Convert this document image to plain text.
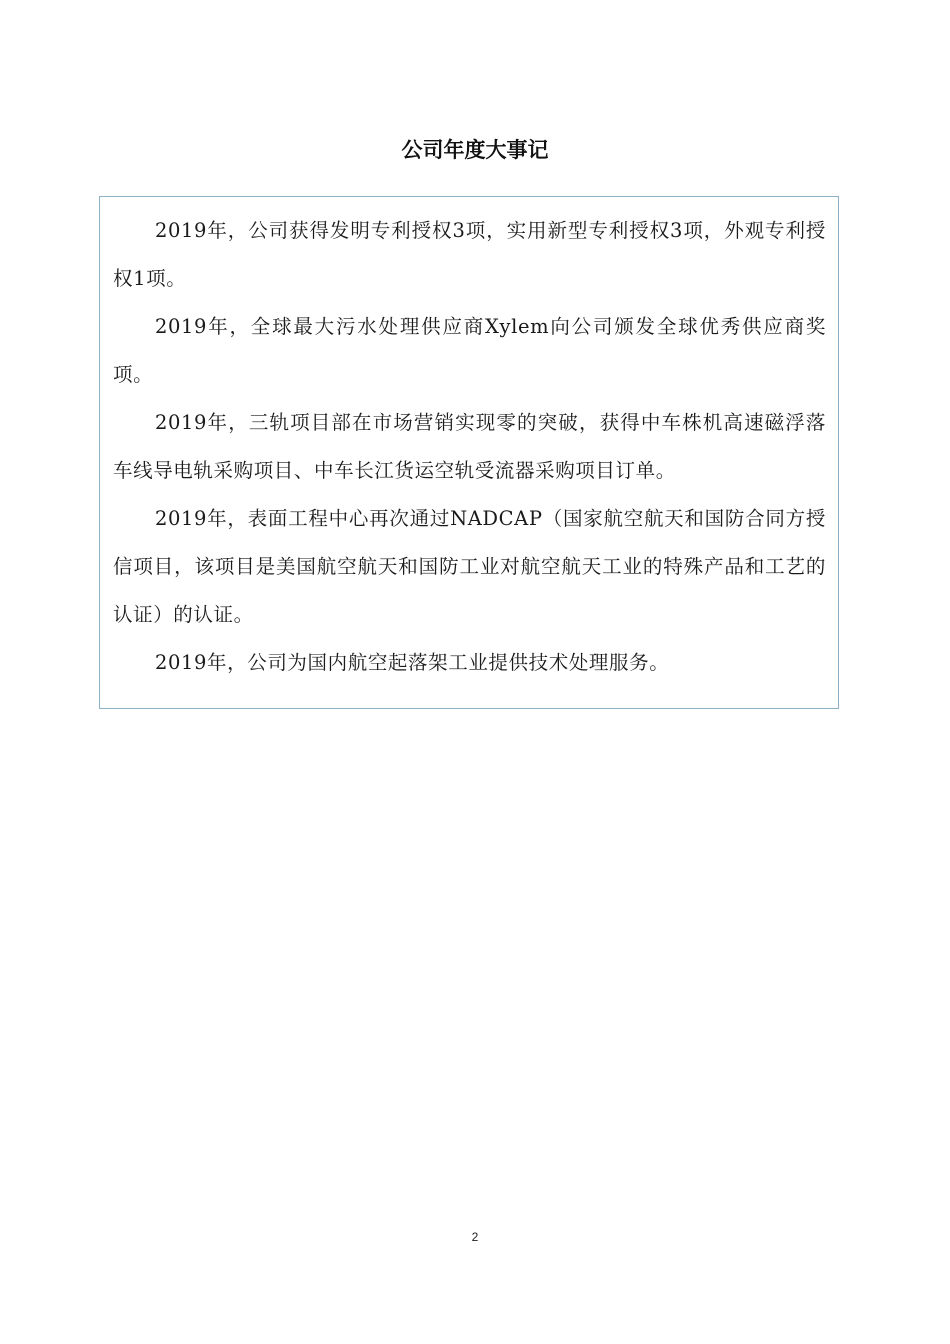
公司年度大事记

2019年，公司获得发明专利授权3项，实用新型专利授权3项，外观专利授权1项。

2019年，全球最大污水处理供应商Xylem向公司颁发全球优秀供应商奖项。

2019年，三轨项目部在市场营销实现零的突破，获得中车株机高速磁浮落车线导电轨采购项目、中车长江货运空轨受流器采购项目订单。

2019年，表面工程中心再次通过NADCAP（国家航空航天和国防合同方授信项目，该项目是美国航空航天和国防工业对航空航天工业的特殊产品和工艺的认证）的认证。

2019年，公司为国内航空起落架工业提供技术处理服务。

2
